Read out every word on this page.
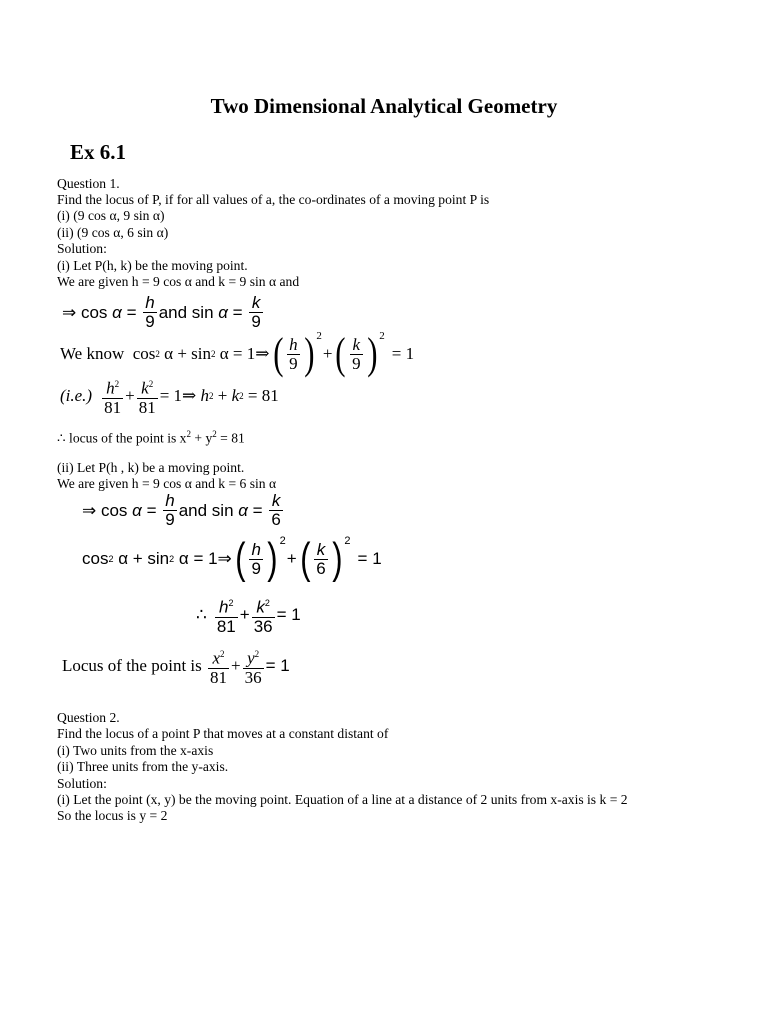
Two Dimensional Analytical Geometry
Ex 6.1
Question 1.
Find the locus of P, if for all values of a, the co-ordinates of a moving point P is
(i) (9 cos α, 9 sin α)
(ii) (9 cos α, 6 sin α)
Solution:
(i) Let P(h, k) be the moving point.
We are given h = 9 cos α and k = 9 sin α and
⇒ $\cos \alpha = \frac{h}{9}$ and $\sin \alpha = \frac{k}{9}$
We know  cos 2 α + sin 2 α = 1⇒ ( $\frac{h}{9} )^2$
+ ( $\frac{k}{9} )^2$
= 1
$(i.e.) \frac{h^2}{81} + \frac{k^2}{81}$ = 1⇒ h 2 + k 2 = 81
∴ locus of the point is $x^2 + y^2 = 81$
(ii) Let P(h , k) be a moving point.
We are given h = 9 cos α and k = 6 sin α
⇒ $\cos \alpha = \frac{h}{9}$ and $\sin \alpha = \frac{k}{6}$
cos 2 α + sin 2 α = 1⇒ ( $\frac{h}{9} )^2$
+ ( $\frac{k}{6} )^2$
= 1
∴ $\frac{h^2}{81} + \frac{k^2}{36} = 1$
Locus of the point is $\frac{x^2}{81} + \frac{y^2}{36} = 1$
Question 2.
Find the locus of a point P that moves at a constant distant of
(i) Two units from the x-axis
(ii) Three units from the y-axis.
Solution:
(i) Let the point (x, y) be the moving point. Equation of a line at a distance of 2 units from x-axis is k = 2
So the locus is y = 2
